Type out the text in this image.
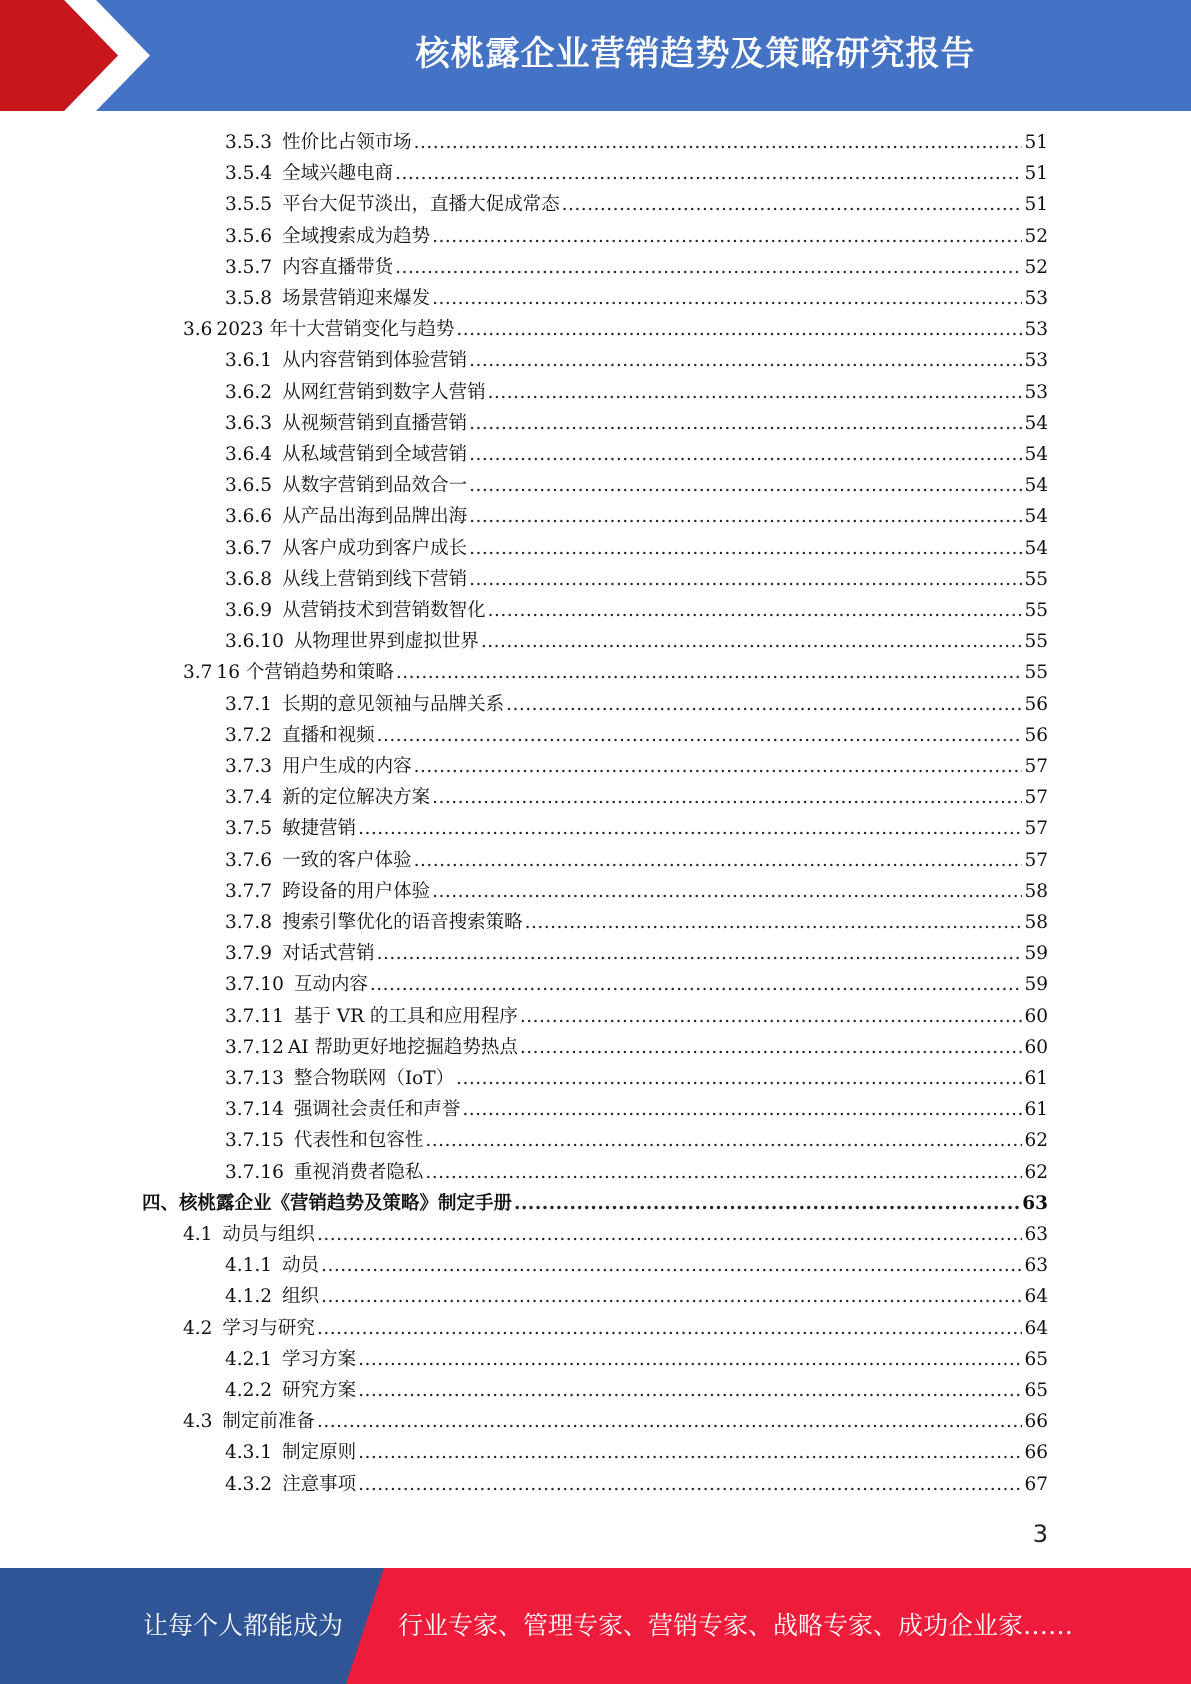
核桃露企业营销趋势及策略研究报告
3.5.3 性价比占领市场 .....	51
3.5.4 全域兴趣电商 .....	51
3.5.5 平台大促节淡出，直播大促成常态 .....	51
3.5.6 全域搜索成为趋势 .....	52
3.5.7 内容直播带货 .....	52
3.5.8 场景营销迎来爆发 .....	53
3.6 2023 年十大营销变化与趋势 .....	53
3.6.1 从内容营销到体验营销 .....	53
3.6.2 从网红营销到数字人营销 .....	53
3.6.3 从视频营销到直播营销 .....	54
3.6.4 从私域营销到全域营销 .....	54
3.6.5 从数字营销到品效合一 .....	54
3.6.6 从产品出海到品牌出海 .....	54
3.6.7 从客户成功到客户成长 .....	54
3.6.8 从线上营销到线下营销 .....	55
3.6.9 从营销技术到营销数智化 .....	55
3.6.10 从物理世界到虚拟世界 .....	55
3.7 16 个营销趋势和策略 .....	55
3.7.1 长期的意见领袖与品牌关系 .....	56
3.7.2 直播和视频 .....	56
3.7.3 用户生成的内容 .....	57
3.7.4 新的定位解决方案 .....	57
3.7.5 敏捷营销 .....	57
3.7.6 一致的客户体验 .....	57
3.7.7 跨设备的用户体验 .....	58
3.7.8 搜索引擎优化的语音搜索策略 .....	58
3.7.9 对话式营销 .....	59
3.7.10 互动内容 .....	59
3.7.11 基于 VR 的工具和应用程序 .....	60
3.7.12 AI 帮助更好地挖掘趋势热点 .....	60
3.7.13 整合物联网（IoT） .....	61
3.7.14 强调社会责任和声誉 .....	61
3.7.15 代表性和包容性 .....	62
3.7.16 重视消费者隐私 .....	62
四、 核桃露企业《营销趋势及策略》制定手册 .....	63
4.1 动员与组织 .....	63
4.1.1 动员 .....	63
4.1.2 组织 .....	64
4.2 学习与研究 .....	64
4.2.1 学习方案 .....	65
4.2.2 研究方案 .....	65
4.3 制定前准备 .....	66
4.3.1 制定原则 .....	66
4.3.2 注意事项 .....	67
3
让每个人都能成为 行业专家、管理专家、营销专家、战略专家、成功企业家……
